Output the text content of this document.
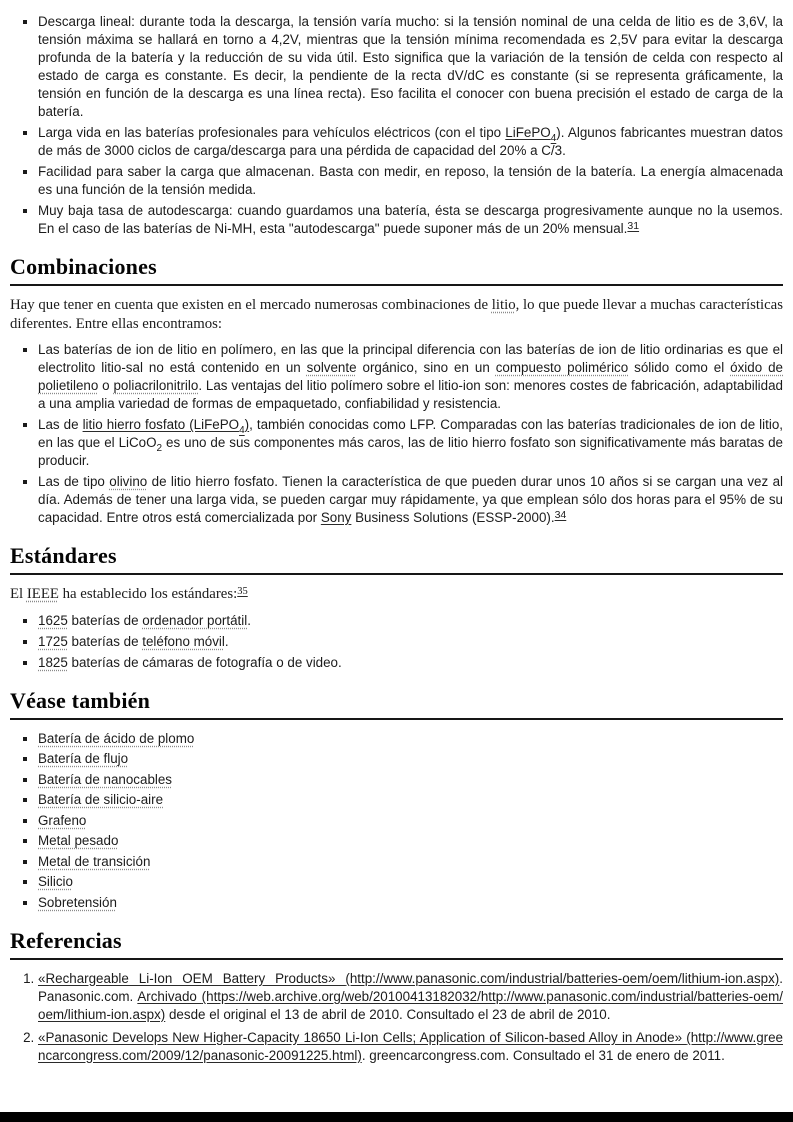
Descarga lineal: durante toda la descarga, la tensión varía mucho: si la tensión nominal de una celda de litio es de 3,6V, la tensión máxima se hallará en torno a 4,2V, mientras que la tensión mínima recomendada es 2,5V para evitar la descarga profunda de la batería y la reducción de su vida útil. Esto significa que la variación de la tensión de celda con respecto al estado de carga es constante. Es decir, la pendiente de la recta dV/dC es constante (si se representa gráficamente, la tensión en función de la descarga es una línea recta). Eso facilita el conocer con buena precisión el estado de carga de la batería.
Larga vida en las baterías profesionales para vehículos eléctricos (con el tipo LiFePO$_4$). Algunos fabricantes muestran datos de más de 3000 ciclos de carga/descarga para una pérdida de capacidad del 20% a C/3.
Facilidad para saber la carga que almacenan. Basta con medir, en reposo, la tensión de la batería. La energía almacenada es una función de la tensión medida.
Muy baja tasa de autodescarga: cuando guardamos una batería, ésta se descarga progresivamente aunque no la usemos. En el caso de las baterías de Ni-MH, esta "autodescarga" puede suponer más de un 20% mensual.$^{31}$
Combinaciones

Hay que tener en cuenta que existen en el mercado numerosas combinaciones de litio, lo que puede llevar a muchas características diferentes. Entre ellas encontramos:

Las baterías de ion de litio en polímero, en las que la principal diferencia con las baterías de ion de litio ordinarias es que el electrolito litio-sal no está contenido en un solvente orgánico, sino en un compuesto polimérico sólido como el óxido de polietileno o poliacrilonitrilo. Las ventajas del litio polímero sobre el litio-ion son: menores costes de fabricación, adaptabilidad a una amplia variedad de formas de empaquetado, confiabilidad y resistencia.
Las de litio hierro fosfato (LiFePO$_4$), también conocidas como LFP. Comparadas con las baterías tradicionales de ion de litio, en las que el LiCoO$_2$ es uno de sus componentes más caros, las de litio hierro fosfato son significativamente más baratas de producir.
Las de tipo olivino de litio hierro fosfato. Tienen la característica de que pueden durar unos 10 años si se cargan una vez al día. Además de tener una larga vida, se pueden cargar muy rápidamente, ya que emplean sólo dos horas para el 95% de su capacidad. Entre otros está comercializada por Sony Business Solutions (ESSP-2000).$^{34}$
Estándares

El IEEE ha establecido los estándares:$^{35}$

1625 baterías de ordenador portátil.
1725 baterías de teléfono móvil.
1825 baterías de cámaras de fotografía o de video.
Véase también
Batería de ácido de plomo
Batería de flujo
Batería de nanocables
Batería de silicio-aire
Grafeno
Metal pesado
Metal de transición
Silicio
Sobretensión
Referencias
1. «Rechargeable Li-Ion OEM Battery Products» (http://www.panasonic.com/industrial/batteries-oem/oem/lithium-ion.aspx). Panasonic.com. Archivado (https://web.archive.org/web/20100413182032/http://www.panasonic.com/industrial/batteries-oem/oem/lithium-ion.aspx) desde el original el 13 de abril de 2010. Consultado el 23 de abril de 2010.
2. «Panasonic Develops New Higher-Capacity 18650 Li-Ion Cells; Application of Silicon-based Alloy in Anode» (http://www.greencarcongress.com/2009/12/panasonic-20091225.html). greencarcongress.com. Consultado el 31 de enero de 2011.
